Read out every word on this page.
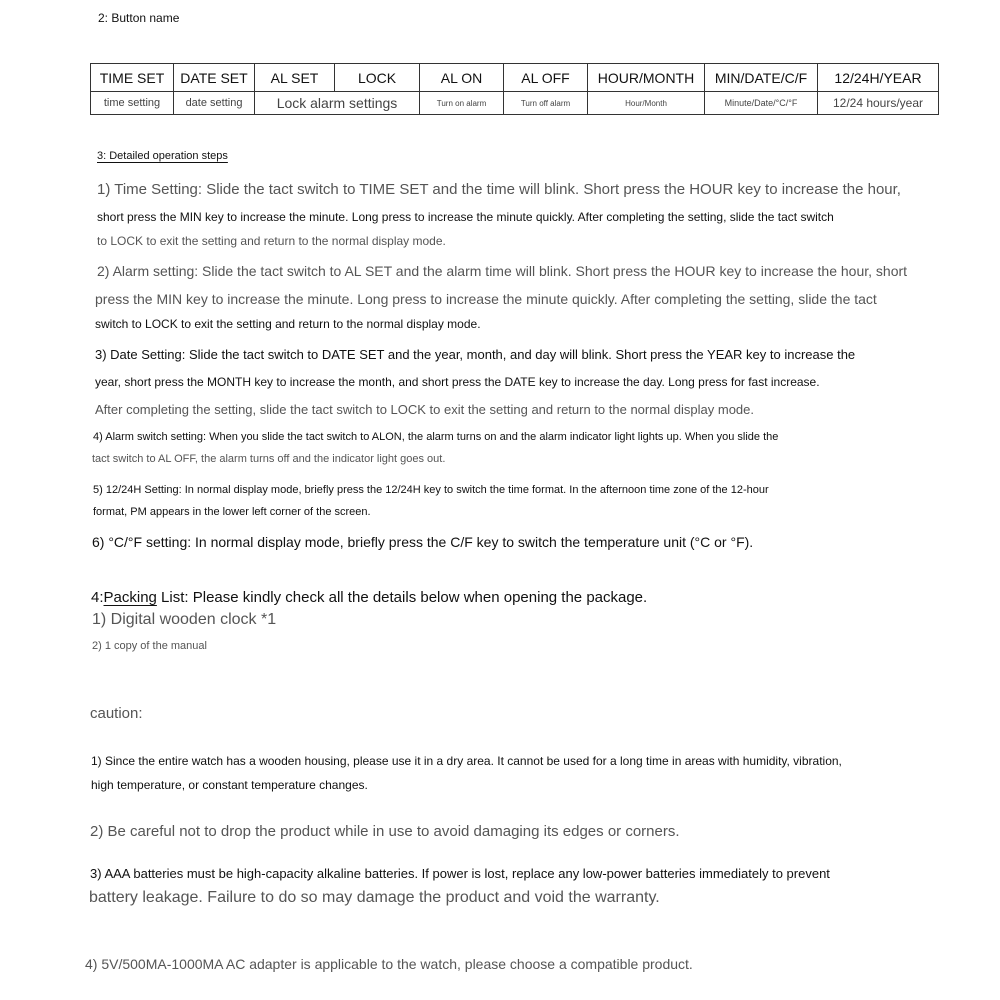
2: Button name
TIME SET	DATE SET	AL SET	LOCK	AL ON	AL OFF	HOUR/MONTH	MIN/DATE/C/F	12/24H/YEAR
time setting	date setting	Lock alarm settings		Turn on alarm	Turn off alarm	Hour/Month	Minute/Date/°C/°F	12/24 hours/year
3: Detailed operation steps
1) Time Setting: Slide the tact switch to TIME SET and the time will blink. Short press the HOUR key to increase the hour,
short press the MIN key to increase the minute. Long press to increase the minute quickly. After completing the setting, slide the tact switch
to LOCK to exit the setting and return to the normal display mode.
2) Alarm setting: Slide the tact switch to AL SET and the alarm time will blink. Short press the HOUR key to increase the hour, short
press the MIN key to increase the minute. Long press to increase the minute quickly. After completing the setting, slide the tact
switch to LOCK to exit the setting and return to the normal display mode.
3) Date Setting: Slide the tact switch to DATE SET and the year, month, and day will blink. Short press the YEAR key to increase the
year, short press the MONTH key to increase the month, and short press the DATE key to increase the day. Long press for fast increase.
After completing the setting, slide the tact switch to LOCK to exit the setting and return to the normal display mode.
4) Alarm switch setting: When you slide the tact switch to ALON, the alarm turns on and the alarm indicator light lights up. When you slide the
tact switch to AL OFF, the alarm turns off and the indicator light goes out.
5) 12/24H Setting: In normal display mode, briefly press the 12/24H key to switch the time format. In the afternoon time zone of the 12-hour
format, PM appears in the lower left corner of the screen.
6) °C/°F setting: In normal display mode, briefly press the C/F key to switch the temperature unit (°C or °F).
4:Packing List: Please kindly check all the details below when opening the package.
1) Digital wooden clock *1
2) 1 copy of the manual
caution:
1) Since the entire watch has a wooden housing, please use it in a dry area. It cannot be used for a long time in areas with humidity, vibration,
high temperature, or constant temperature changes.
2) Be careful not to drop the product while in use to avoid damaging its edges or corners.
3) AAA batteries must be high-capacity alkaline batteries. If power is lost, replace any low-power batteries immediately to prevent
battery leakage. Failure to do so may damage the product and void the warranty.
4) 5V/500MA-1000MA AC adapter is applicable to the watch, please choose a compatible product.
